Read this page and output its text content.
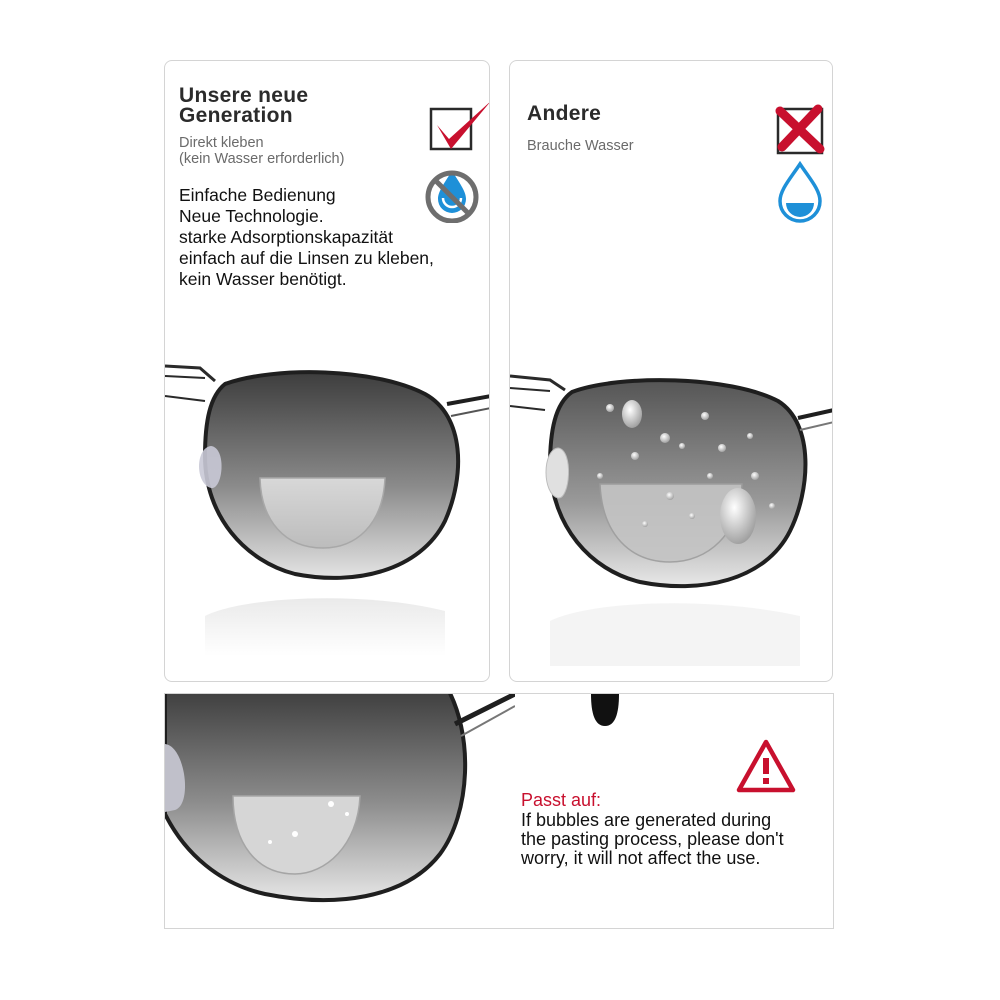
Unsere neue
Generation
Direkt kleben
(kein Wasser erforderlich)
Einfache Bedienung
Neue Technologie.
starke Adsorptionskapazität
einfach auf die Linsen zu kleben,
kein Wasser benötigt.
Andere
Brauche Wasser
Passt auf:
If bubbles are generated during
the pasting process, please don't
worry, it will not affect the use.
